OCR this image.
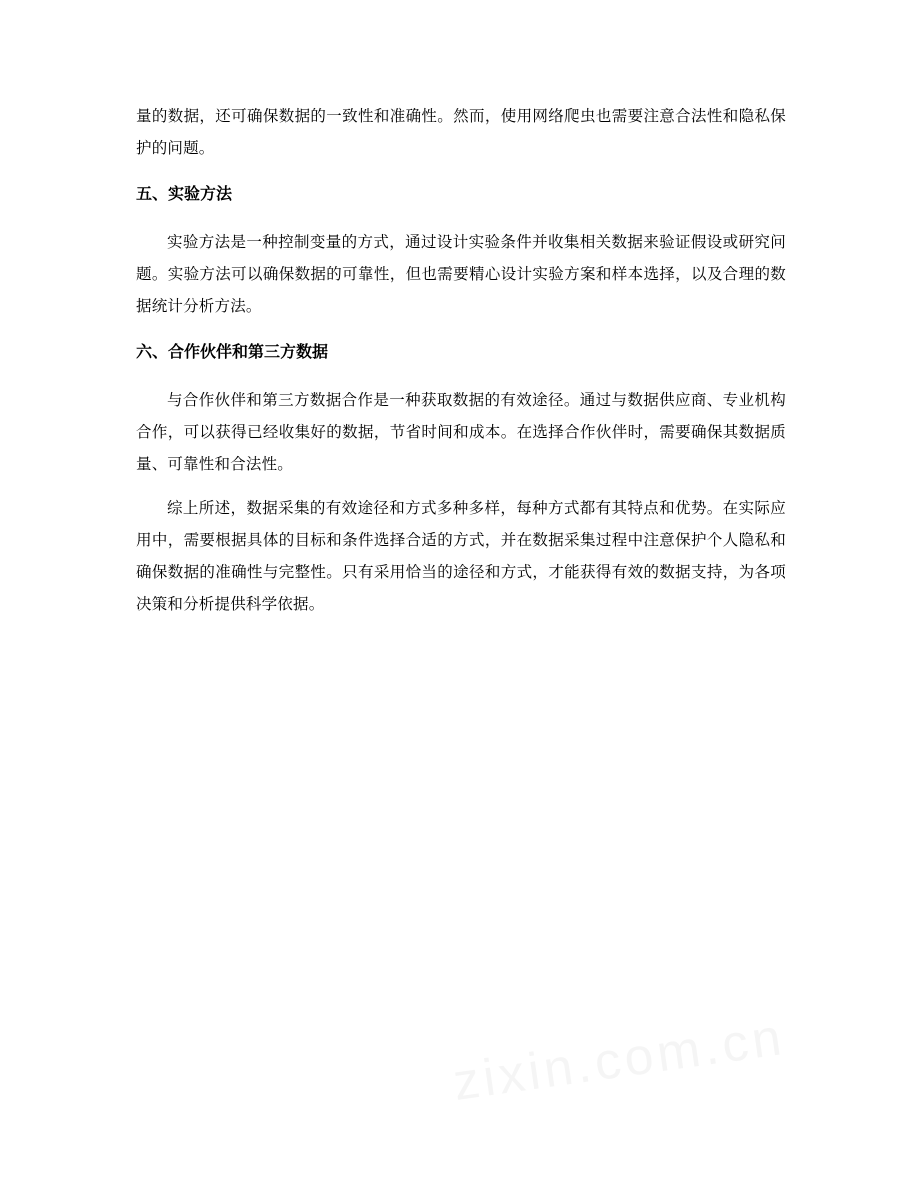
量的数据，还可确保数据的一致性和准确性。然而，使用网络爬虫也需要注意合法性和隐私保护的问题。

五、实验方法

实验方法是一种控制变量的方式，通过设计实验条件并收集相关数据来验证假设或研究问题。实验方法可以确保数据的可靠性，但也需要精心设计实验方案和样本选择，以及合理的数据统计分析方法。

六、合作伙伴和第三方数据

与合作伙伴和第三方数据合作是一种获取数据的有效途径。通过与数据供应商、专业机构合作，可以获得已经收集好的数据，节省时间和成本。在选择合作伙伴时，需要确保其数据质量、可靠性和合法性。

综上所述，数据采集的有效途径和方式多种多样，每种方式都有其特点和优势。在实际应用中，需要根据具体的目标和条件选择合适的方式，并在数据采集过程中注意保护个人隐私和确保数据的准确性与完整性。只有采用恰当的途径和方式，才能获得有效的数据支持，为各项决策和分析提供科学依据。
